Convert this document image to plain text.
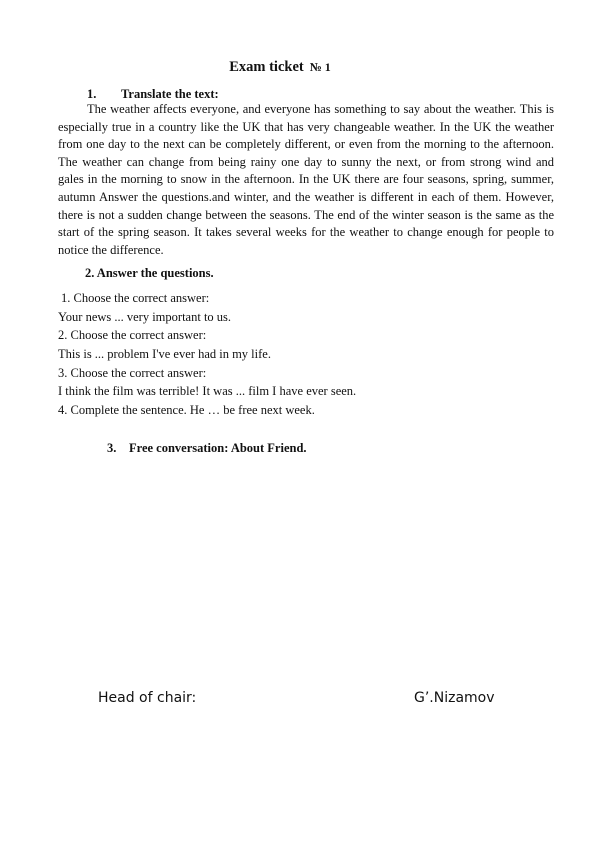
Exam ticket № 1
1. Translate the text:

The weather affects everyone, and everyone has something to say about the weather. This is especially true in a country like the UK that has very changeable weather. In the UK the weather from one day to the next can be completely different, or even from the morning to the afternoon. The weather can change from being rainy one day to sunny the next, or from strong wind and gales in the morning to snow in the afternoon. In the UK there are four seasons, spring, summer, autumn Answer the questions.and winter, and the weather is different in each of them. However, there is not a sudden change between the seasons. The end of the winter season is the same as the start of the spring season. It takes several weeks for the weather to change enough for people to notice the difference.

2. Answer the questions.
1. Choose the correct answer:
Your news ... very important to us.
2. Choose the correct answer:
This is ... problem I've ever had in my life.
3. Choose the correct answer:
I think the film was terrible! It was ... film I have ever seen.
4. Complete the sentence. He … be free next week.
3. Free conversation: About Friend.
Head of chair:	G’.Nizamov
